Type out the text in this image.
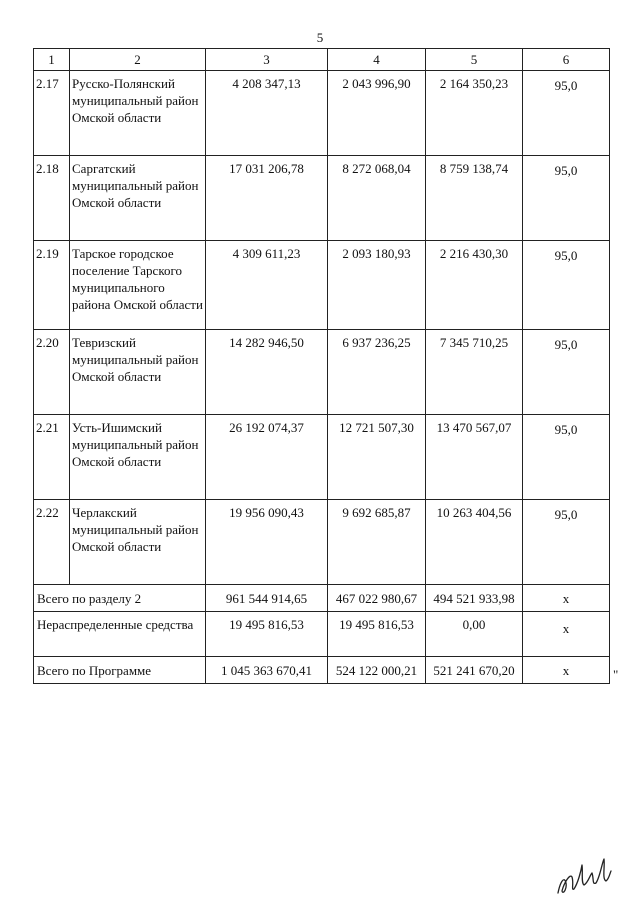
5
1	2	3	4	5	6
2.17	Русско-Полянский муниципальный район Омской области	4 208 347,13	2 043 996,90	2 164 350,23	95,0
2.18	Саргатский муниципальный район Омской области	17 031 206,78	8 272 068,04	8 759 138,74	95,0
2.19	Тарское городское поселение Тарского муниципального района Омской области	4 309 611,23	2 093 180,93	2 216 430,30	95,0
2.20	Тевризский муниципальный район Омской области	14 282 946,50	6 937 236,25	7 345 710,25	95,0
2.21	Усть-Ишимский муниципальный район Омской области	26 192 074,37	12 721 507,30	13 470 567,07	95,0
2.22	Черлакский муниципальный район Омской области	19 956 090,43	9 692 685,87	10 263 404,56	95,0
Всего по разделу 2		961 544 914,65	467 022 980,67	494 521 933,98	x
Нераспределенные средства		19 495 816,53	19 495 816,53	0,00	x
Всего по Программе		1 045 363 670,41	524 122 000,21	521 241 670,20	x	"
